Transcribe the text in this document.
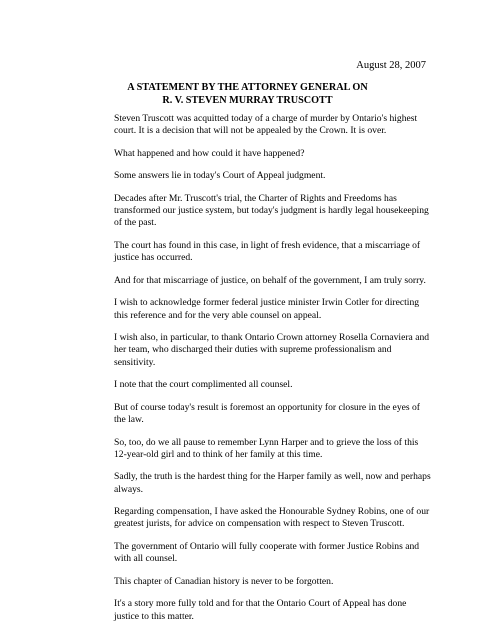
August 28, 2007
A STATEMENT BY THE ATTORNEY GENERAL ON
R. V. STEVEN MURRAY TRUSCOTT

Steven Truscott was acquitted today of a charge of murder by Ontario's highest court. It is a decision that will not be appealed by the Crown. It is over.

What happened and how could it have happened?

Some answers lie in today's Court of Appeal judgment.

Decades after Mr. Truscott's trial, the Charter of Rights and Freedoms has transformed our justice system, but today's judgment is hardly legal housekeeping of the past.

The court has found in this case, in light of fresh evidence, that a miscarriage of justice has occurred.

And for that miscarriage of justice, on behalf of the government, I am truly sorry.

I wish to acknowledge former federal justice minister Irwin Cotler for directing this reference and for the very able counsel on appeal.

I wish also, in particular, to thank Ontario Crown attorney Rosella Cornaviera and her team, who discharged their duties with supreme professionalism and sensitivity.

I note that the court complimented all counsel.

But of course today's result is foremost an opportunity for closure in the eyes of the law.

So, too, do we all pause to remember Lynn Harper and to grieve the loss of this 12-year-old girl and to think of her family at this time.

Sadly, the truth is the hardest thing for the Harper family as well, now and perhaps always.

Regarding compensation, I have asked the Honourable Sydney Robins, one of our greatest jurists, for advice on compensation with respect to Steven Truscott.

The government of Ontario will fully cooperate with former Justice Robins and with all counsel.

This chapter of Canadian history is never to be forgotten.

It's a story more fully told and for that the Ontario Court of Appeal has done justice to this matter.
